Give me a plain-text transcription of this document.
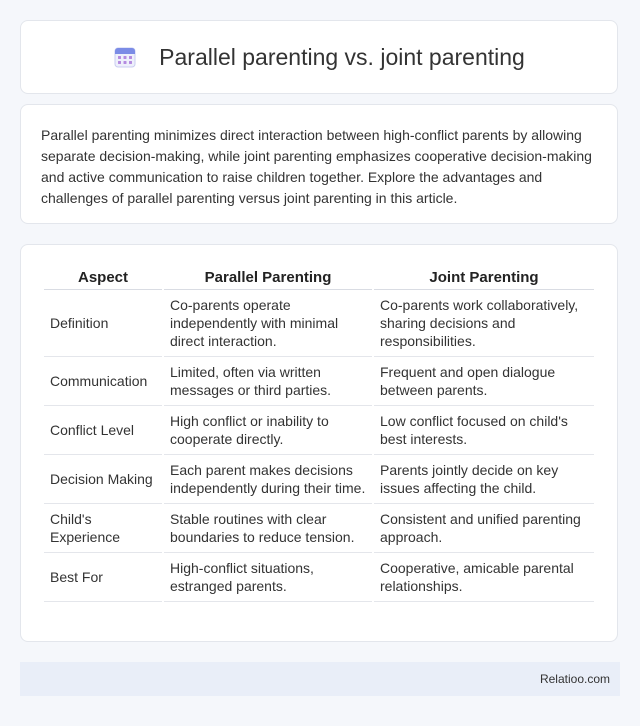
Parallel parenting vs. joint parenting

Parallel parenting minimizes direct interaction between high-conflict parents by allowing separate decision-making, while joint parenting emphasizes cooperative decision-making and active communication to raise children together. Explore the advantages and challenges of parallel parenting versus joint parenting in this article.

Aspect	Parallel Parenting	Joint Parenting
Definition	Co-parents operate independently with minimal direct interaction.	Co-parents work collaboratively, sharing decisions and responsibilities.
Communication	Limited, often via written messages or third parties.	Frequent and open dialogue between parents.
Conflict Level	High conflict or inability to cooperate directly.	Low conflict focused on child's best interests.
Decision Making	Each parent makes decisions independently during their time.	Parents jointly decide on key issues affecting the child.
Child's Experience	Stable routines with clear boundaries to reduce tension.	Consistent and unified parenting approach.
Best For	High-conflict situations, estranged parents.	Cooperative, amicable parental relationships.
Relatioo.com
